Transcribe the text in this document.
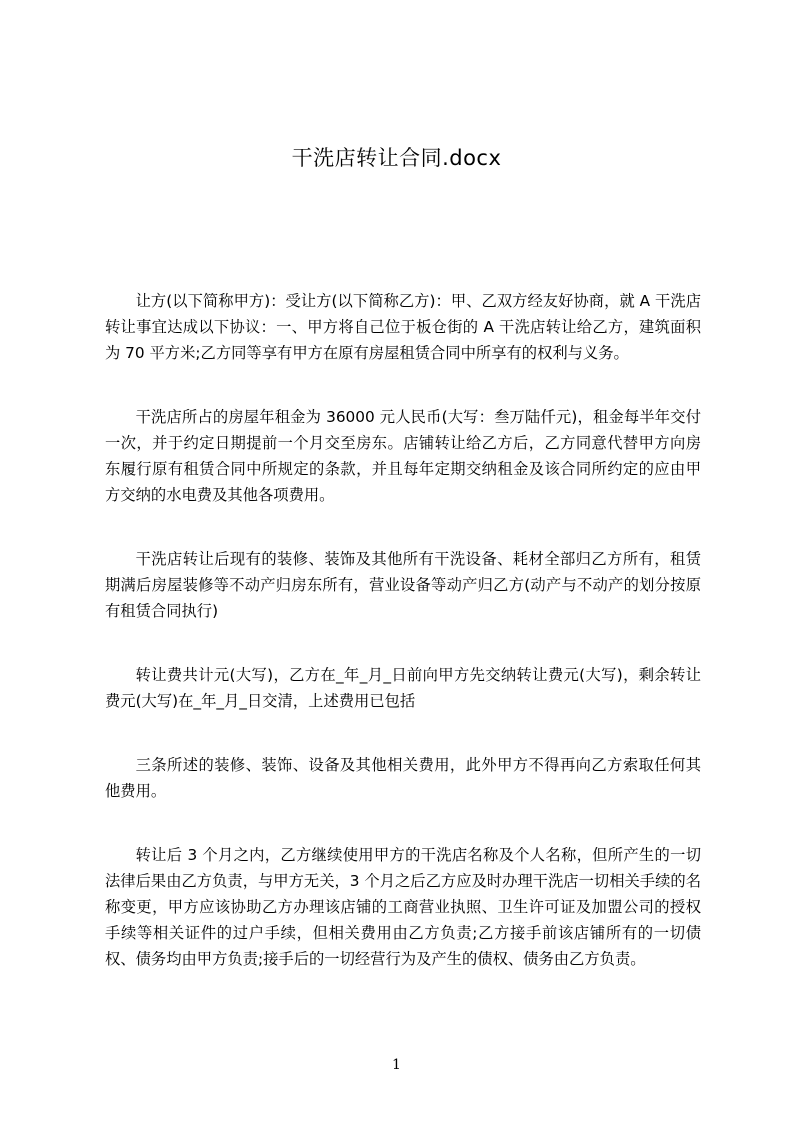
干洗店转让合同.docx

让方(以下简称甲方)：受让方(以下简称乙方)：甲、乙双方经友好协商，就 A 干洗店转让事宜达成以下协议：一、甲方将自己位于板仓街的 A 干洗店转让给乙方，建筑面积为 70 平方米;乙方同等享有甲方在原有房屋租赁合同中所享有的权利与义务。

干洗店所占的房屋年租金为 36000 元人民币(大写：叁万陆仟元)，租金每半年交付一次，并于约定日期提前一个月交至房东。店铺转让给乙方后，乙方同意代替甲方向房东履行原有租赁合同中所规定的条款，并且每年定期交纳租金及该合同所约定的应由甲方交纳的水电费及其他各项费用。

干洗店转让后现有的装修、装饰及其他所有干洗设备、耗材全部归乙方所有，租赁期满后房屋装修等不动产归房东所有，营业设备等动产归乙方(动产与不动产的划分按原有租赁合同执行)

转让费共计元(大写)，乙方在_年_月_日前向甲方先交纳转让费元(大写)，剩余转让费元(大写)在_年_月_日交清，上述费用已包括

三条所述的装修、装饰、设备及其他相关费用，此外甲方不得再向乙方索取任何其他费用。

转让后 3 个月之内，乙方继续使用甲方的干洗店名称及个人名称，但所产生的一切法律后果由乙方负责，与甲方无关，3 个月之后乙方应及时办理干洗店一切相关手续的名称变更，甲方应该协助乙方办理该店铺的工商营业执照、卫生许可证及加盟公司的授权手续等相关证件的过户手续，但相关费用由乙方负责;乙方接手前该店铺所有的一切债权、债务均由甲方负责;接手后的一切经营行为及产生的债权、债务由乙方负责。

1
